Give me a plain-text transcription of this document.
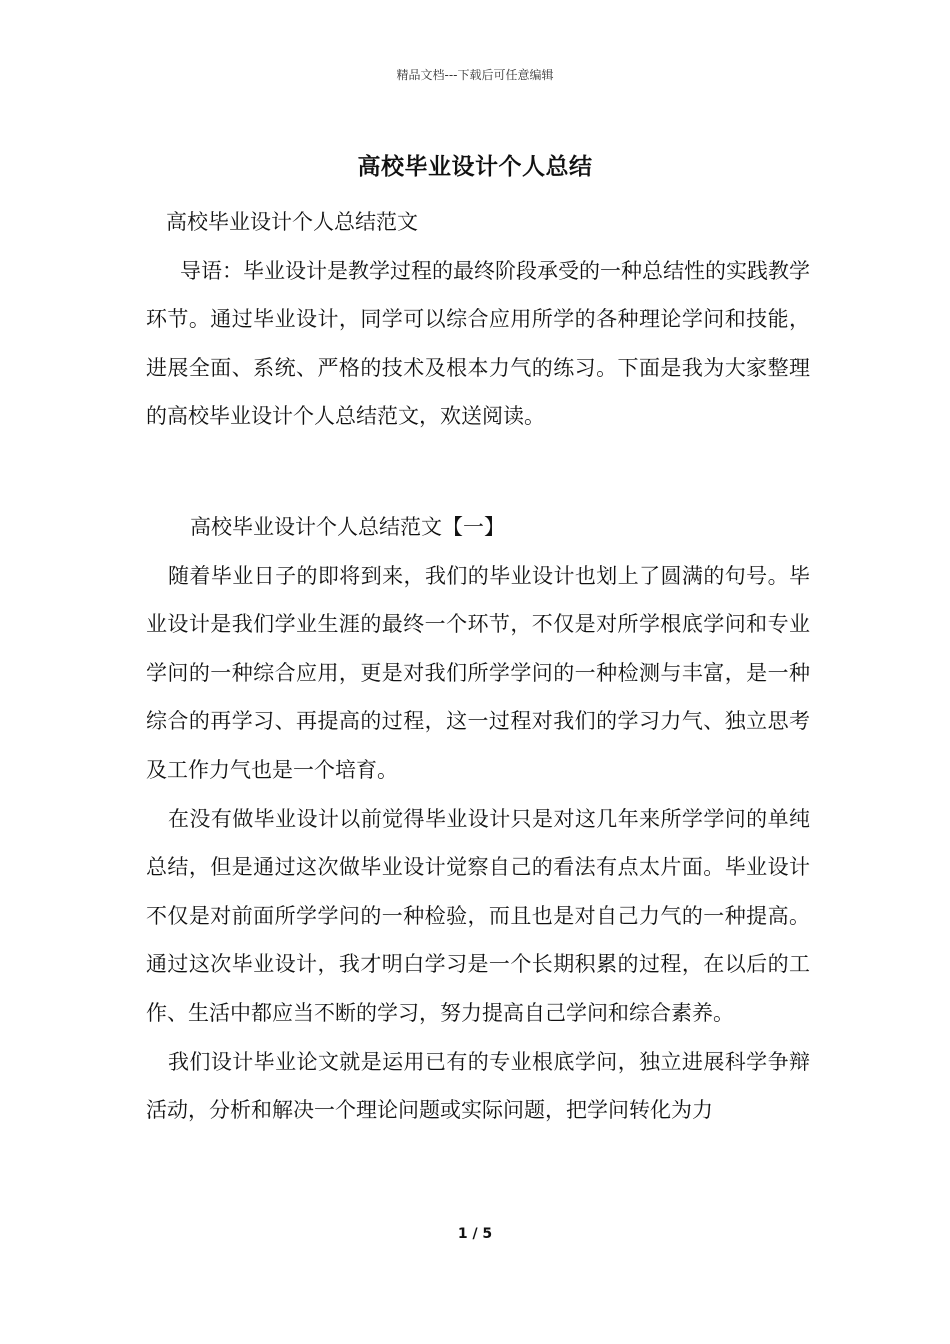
精品文档---下载后可任意编辑
高校毕业设计个人总结

高校毕业设计个人总结范文

导语：毕业设计是教学过程的最终阶段承受的一种总结性的实践教学环节。通过毕业设计，同学可以综合应用所学的各种理论学问和技能，进展全面、系统、严格的技术及根本力气的练习。下面是我为大家整理的高校毕业设计个人总结范文，欢送阅读。

高校毕业设计个人总结范文【一】

随着毕业日子的即将到来，我们的毕业设计也划上了圆满的句号。毕业设计是我们学业生涯的最终一个环节，不仅是对所学根底学问和专业学问的一种综合应用，更是对我们所学学问的一种检测与丰富，是一种综合的再学习、再提高的过程，这一过程对我们的学习力气、独立思考及工作力气也是一个培育。

在没有做毕业设计以前觉得毕业设计只是对这几年来所学学问的单纯总结，但是通过这次做毕业设计觉察自己的看法有点太片面。毕业设计不仅是对前面所学学问的一种检验，而且也是对自己力气的一种提高。通过这次毕业设计，我才明白学习是一个长期积累的过程，在以后的工作、生活中都应当不断的学习，努力提高自己学问和综合素养。

我们设计毕业论文就是运用已有的专业根底学问，独立进展科学争辩活动，分析和解决一个理论问题或实际问题，把学问转化为力

1 / 5
